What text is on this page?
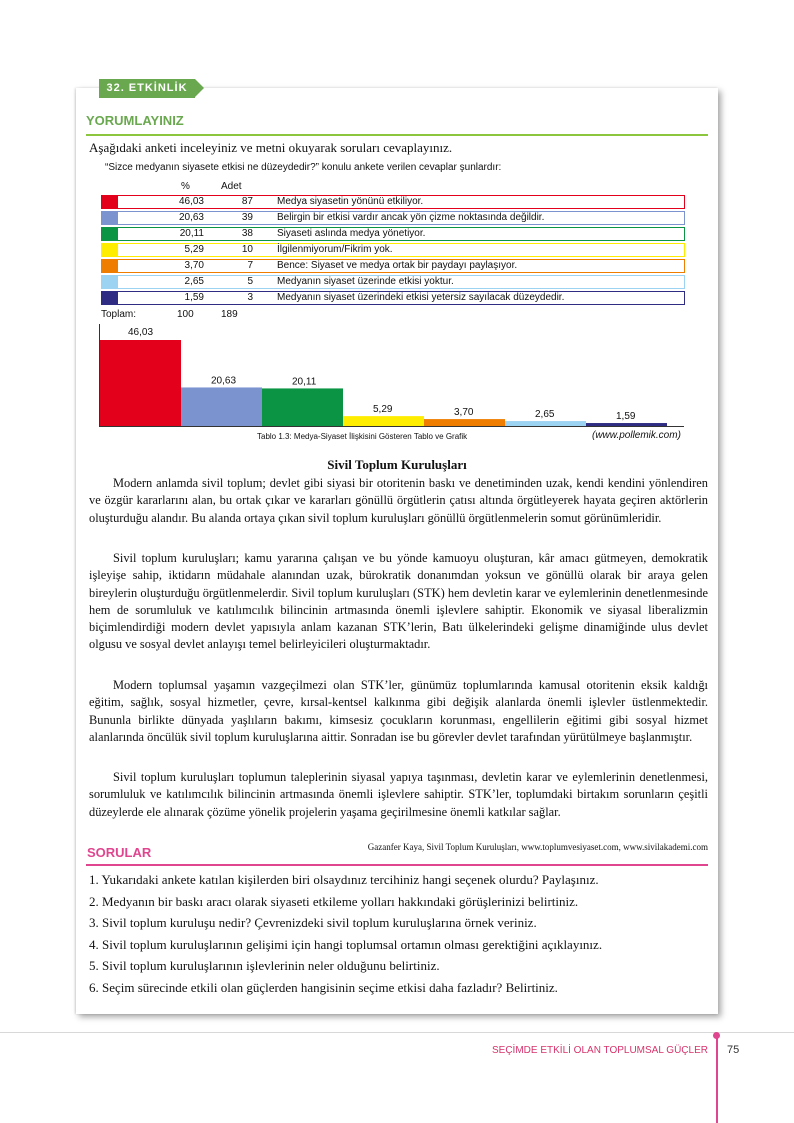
32. ETKİNLİK
YORUMLAYINIZ
Aşağıdaki anketi inceleyiniz ve metni okuyarak soruları cevaplayınız.
“Sizce medyanın siyasete etkisi ne düzeydedir?” konulu ankete verilen cevaplar şunlardır:
%	Adet
46,03	87 Medya siyasetin yönünü etkiliyor.
20,63	39 Belirgin bir etkisi vardır ancak yön çizme noktasında değildir.
20,11	38 Siyaseti aslında medya yönetiyor.
5,29	10 İlgilenmiyorum/Fikrim yok.
3,70	7 Bence: Siyaset ve medya ortak bir paydayı paylaşıyor.
2,65	5 Medyanın siyaset üzerinde etkisi yoktur.
1,59	3 Medyanın siyaset üzerindeki etkisi yetersiz sayılacak düzeydedir.
Toplam:	100	189
46,03
20,63	20,11
5,29	3,70	2,65	1,59
Tablo 1.3: Medya-Siyaset İlişkisini Gösteren Tablo ve Grafik	(www.pollemik.com)
Sivil Toplum Kuruluşları

Modern anlamda sivil toplum; devlet gibi siyasi bir otoritenin baskı ve denetiminden uzak, kendi kendini yönlendiren ve özgür kararlarını alan, bu ortak çıkar ve kararları gönüllü örgütlerin çatısı altında örgütleyerek hayata geçiren aktörlerin oluşturduğu alandır. Bu alanda ortaya çıkan sivil toplum kuruluşları gönüllü örgütlenmelerin somut görünümleridir.

Sivil toplum kuruluşları; kamu yararına çalışan ve bu yönde kamuoyu oluşturan, kâr amacı gütmeyen, demokratik işleyişe sahip, iktidarın müdahale alanından uzak, bürokratik donanımdan yoksun ve gönüllü olarak bir araya gelen bireylerin oluşturduğu örgütlenmelerdir. Sivil toplum kuruluşları (STK) hem devletin karar ve eylemlerinin denetlenmesinde hem de sorumluluk ve katılımcılık bilincinin artmasında önemli işlevlere sahiptir. Ekonomik ve siyasal liberalizmin biçimlendirdiği modern devlet yapısıyla anlam kazanan STK’lerin, Batı ülkelerindeki gelişme dinamiğinde ulus devlet olgusu ve sosyal devlet anlayışı temel belirleyicileri oluşturmaktadır.

Modern toplumsal yaşamın vazgeçilmezi olan STK’ler, günümüz toplumlarında kamusal otoritenin eksik kaldığı eğitim, sağlık, sosyal hizmetler, çevre, kırsal-kentsel kalkınma gibi değişik alanlarda önemli işlevler üstlenmektedir. Bununla birlikte dünyada yaşlıların bakımı, kimsesiz çocukların korunması, engellilerin eğitimi gibi sosyal hizmet alanlarında öncülük sivil toplum kuruluşlarına aittir. Sonradan ise bu görevler devlet tarafından yürütülmeye başlanmıştır.

Sivil toplum kuruluşları toplumun taleplerinin siyasal yapıya taşınması, devletin karar ve eylemlerinin denetlenmesi, sorumluluk ve katılımcılık bilincinin artmasında önemli işlevlere sahiptir. STK’ler, toplumdaki birtakım sorunların çeşitli düzeylerde ele alınarak çözüme yönelik projelerin yaşama geçirilmesine önemli katkılar sağlar.

Gazanfer Kaya, Sivil Toplum Kuruluşları, www.toplumvesiyaset.com, www.sivilakademi.com
SORULAR
1. Yukarıdaki ankete katılan kişilerden biri olsaydınız tercihiniz hangi seçenek olurdu? Paylaşınız.
2. Medyanın bir baskı aracı olarak siyaseti etkileme yolları hakkındaki görüşlerinizi belirtiniz.
3. Sivil toplum kuruluşu nedir? Çevrenizdeki sivil toplum kuruluşlarına örnek veriniz.
4. Sivil toplum kuruluşlarının gelişimi için hangi toplumsal ortamın olması gerektiğini açıklayınız.
5. Sivil toplum kuruluşlarının işlevlerinin neler olduğunu belirtiniz.
6. Seçim sürecinde etkili olan güçlerden hangisinin seçime etkisi daha fazladır? Belirtiniz.
SEÇİMDE ETKİLİ OLAN TOPLUMSAL GÜÇLER 75
